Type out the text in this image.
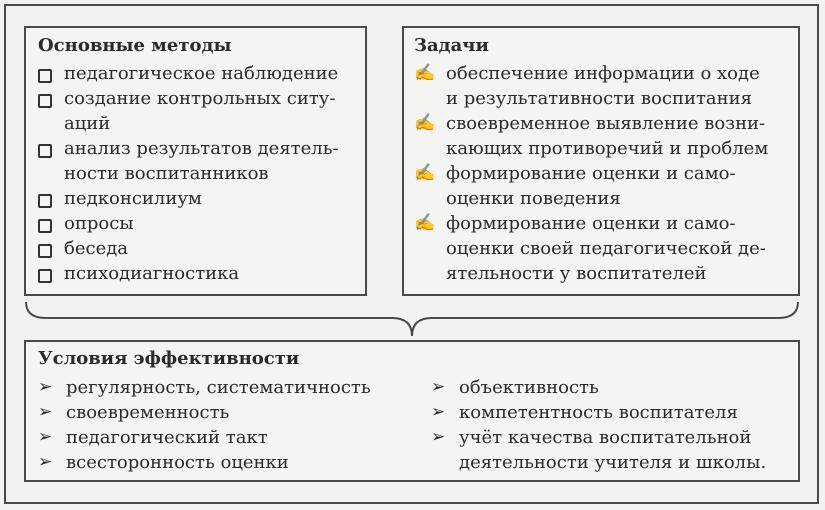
Основные методы
педагогическое наблюдение
создание контрольных ситу-
аций
анализ результатов деятель-
ности воспитанников
педконсилиум
опросы
беседа
психодиагностика
Задачи
✍ обеспечение информации о ходе
и результативности воспитания
✍ своевременное выявление возни-
кающих противоречий и проблем
✍ формирование оценки и само-
оценки поведения
✍ формирование оценки и само-
оценки своей педагогической де-
ятельности у воспитателей
Условия эффективности
➢ регулярность, систематичность
➢ своевременность
➢ педагогический такт
➢ всесторонность оценки
➢ объективность
➢ компетентность воспитателя
➢ учёт качества воспитательной
деятельности учителя и школы.
